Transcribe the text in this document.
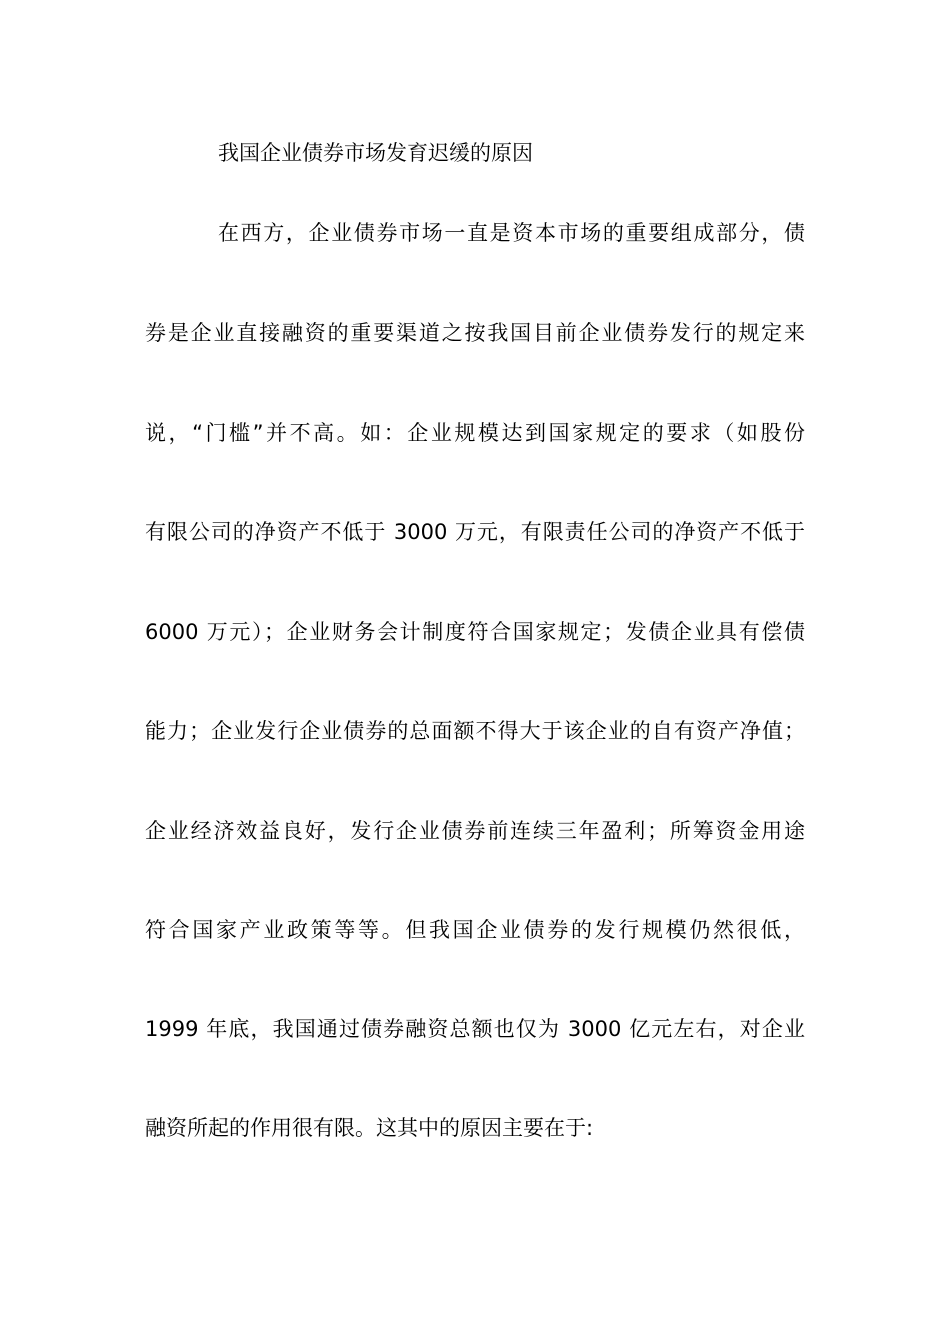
我国企业债券市场发育迟缓的原因
在西方，企业债券市场一直是资本市场的重要组成部分，债
券是企业直接融资的重要渠道之按我国目前企业债券发行的规定来
说，“门槛”并不高。如：企业规模达到国家规定的要求（如股份
有限公司的净资产不低于 3000 万元，有限责任公司的净资产不低于
6000 万元）；企业财务会计制度符合国家规定；发债企业具有偿债
能力；企业发行企业债券的总面额不得大于该企业的自有资产净值；
企业经济效益良好，发行企业债券前连续三年盈利；所筹资金用途
符合国家产业政策等等。但我国企业债券的发行规模仍然很低，
1999 年底，我国通过债券融资总额也仅为 3000 亿元左右，对企业
融资所起的作用很有限。这其中的原因主要在于:
